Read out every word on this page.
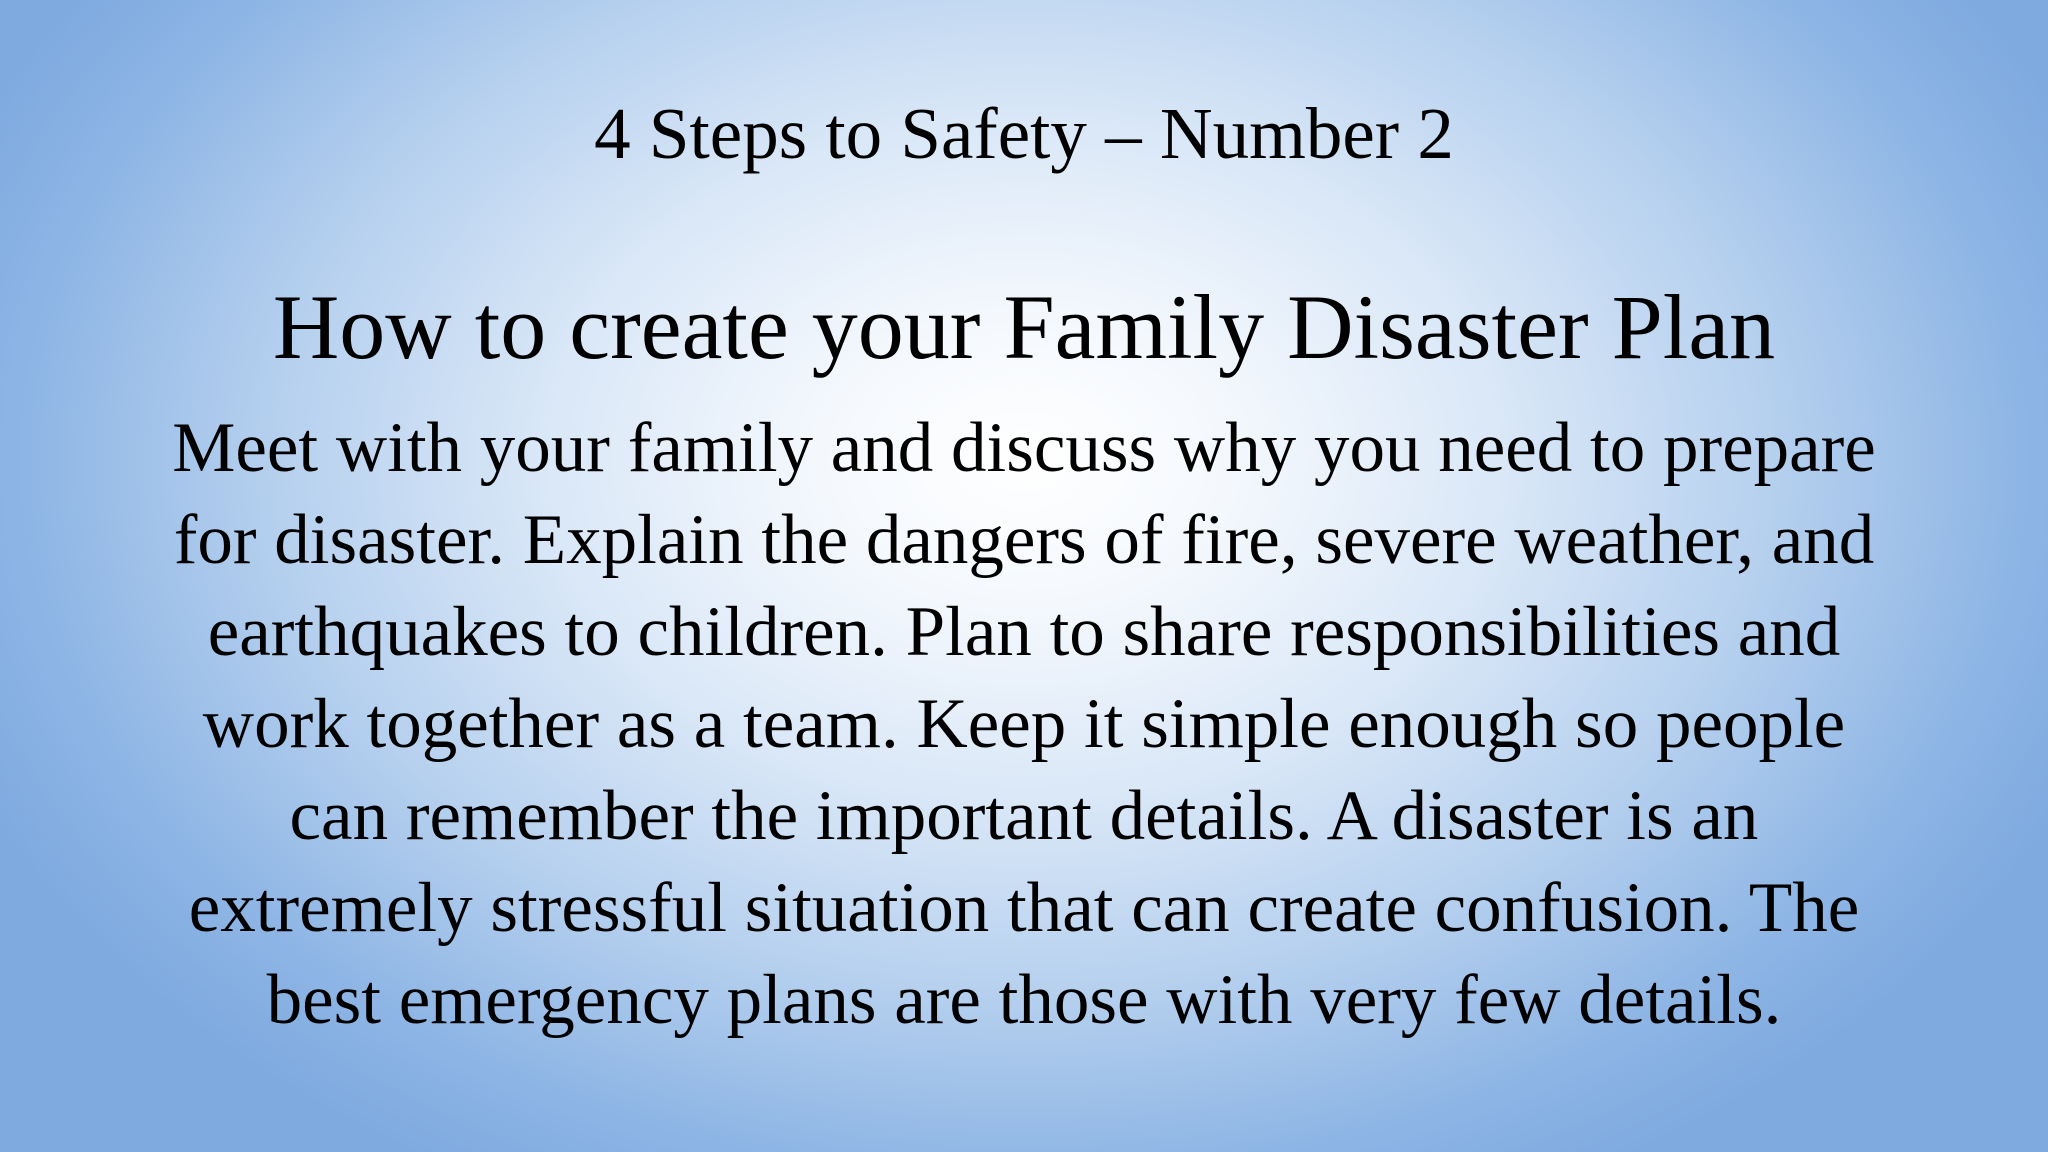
4 Steps to Safety – Number 2
How to create your Family Disaster Plan
Meet with your family and discuss why you need to prepare
for disaster. Explain the dangers of fire, severe weather, and
earthquakes to children. Plan to share responsibilities and
work together as a team. Keep it simple enough so people
can remember the important details. A disaster is an
extremely stressful situation that can create confusion. The
best emergency plans are those with very few details.
